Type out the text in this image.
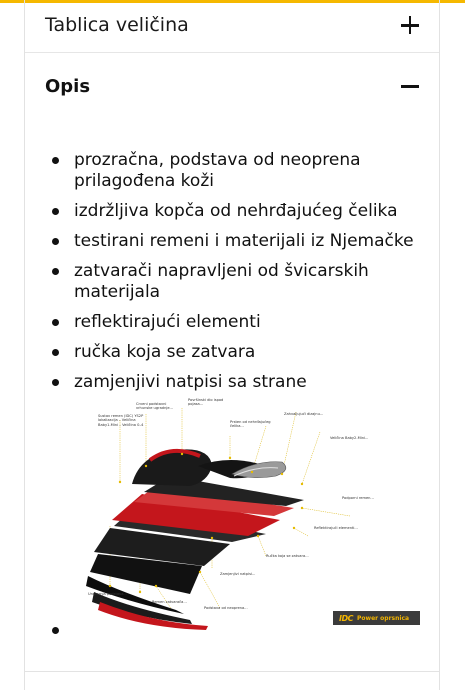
Tablica veličina
Opis
prozračna, podstava od neoprena prilagođena koži
izdržljiva kopča od nehrđajućeg čelika
testirani remeni i materijali iz Njemačke
zatvarači napravljeni od švicarskih materijala
reflektirajući elementi
ručka koja se zatvara
zamjenjivi natpisi sa strane
Sustav remen (IDC) YS2P lokalizacija – Veličina Baby1-Mini – Veličina 0–4
Crveni podstavni vrhunske ugradnje...
Površinski dio ispod pojasa...
Prsten od nehrđajućeg čelika...
Zahvaljujući dizajnu...
Veličina Baby2-Mini...
Podporni remen...
Reflektirajući elementi...
Ručka koja se zatvara...
Zamjenjivi natpisi...
Unutarnja podstava...
Remen zatvarača...
Podstava od neoprena...
IDC Power oprsnica
